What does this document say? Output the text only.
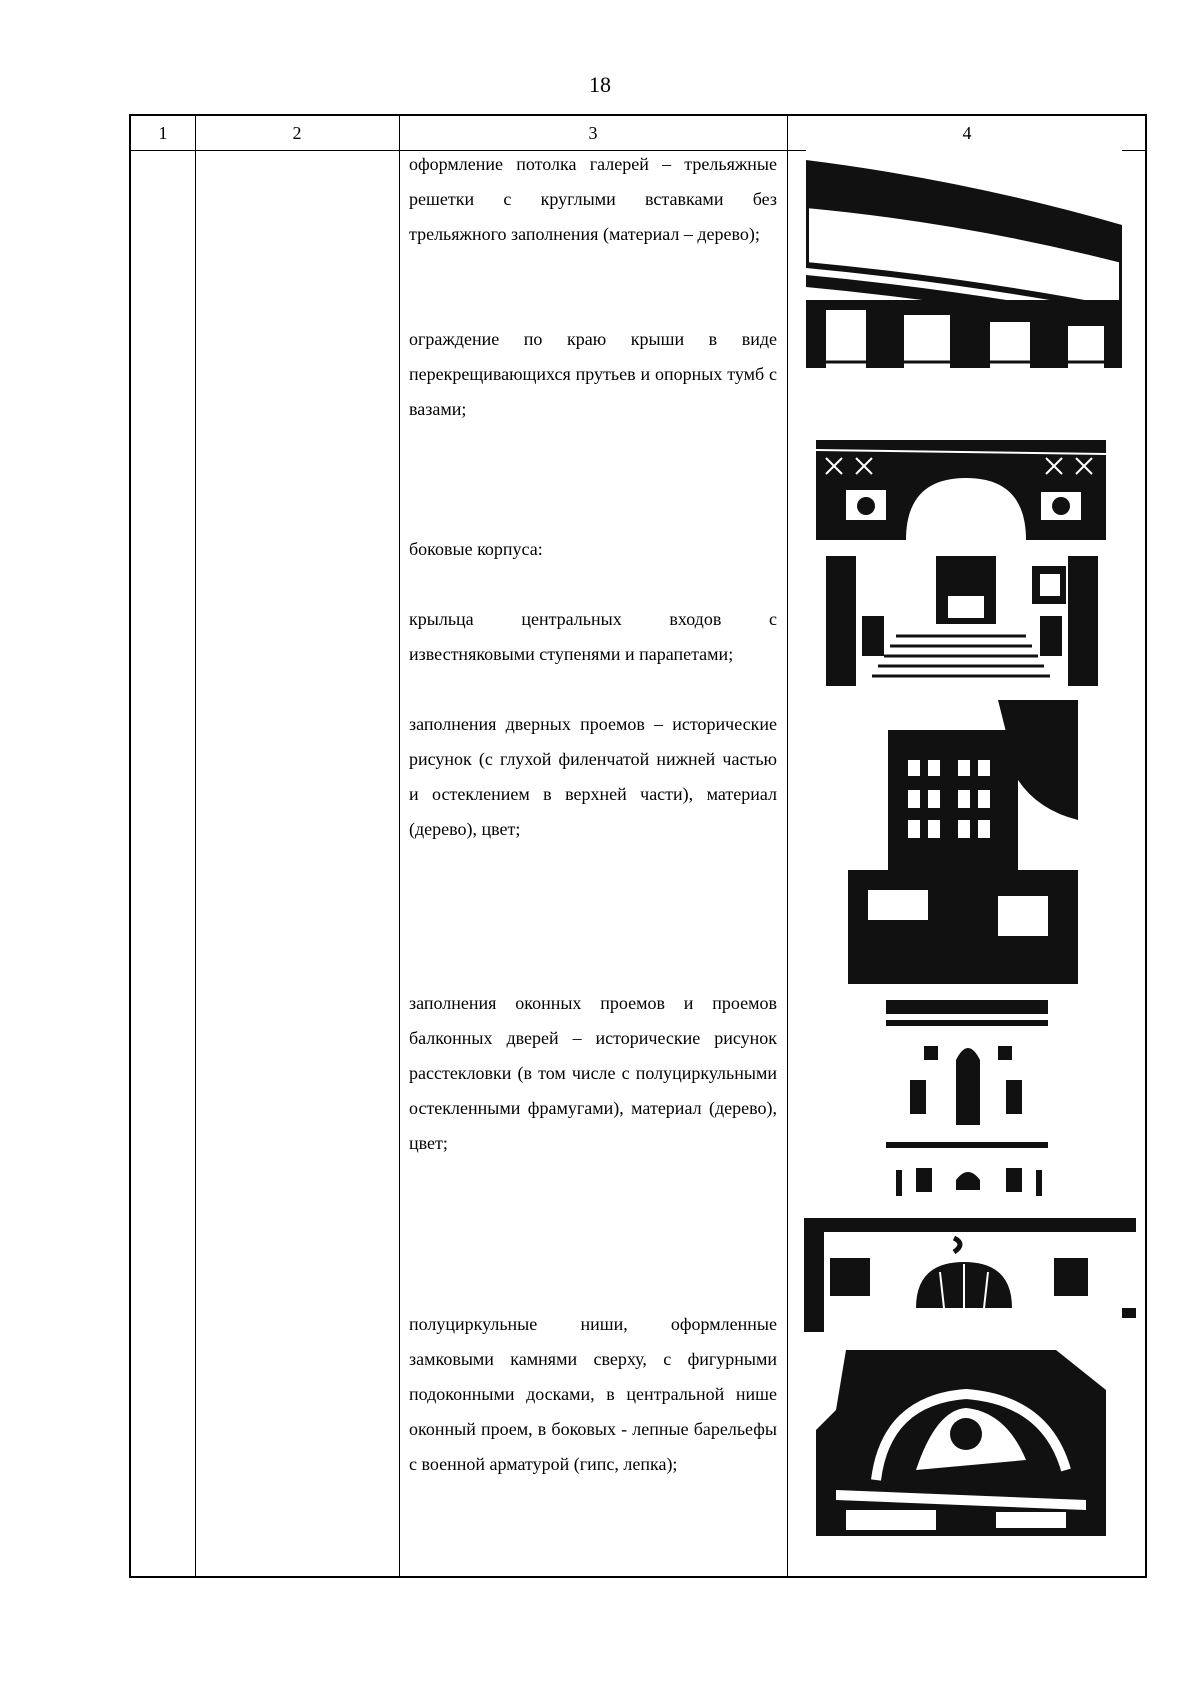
18
1	2	3	4
оформление потолка галерей – трельяжные решетки с круглыми вставками без трельяжного заполнения (материал – дерево);
ограждение по краю крыши в виде перекрещивающихся прутьев и опорных тумб с вазами;
боковые корпуса:
крыльца центральных входов с известняковыми ступенями и парапетами;
заполнения дверных проемов – исторические рисунок (с глухой филенчатой нижней частью и остеклением в верхней части), материал (дерево), цвет;
заполнения оконных проемов и проемов балконных дверей – исторические рисунок расстекловки (в том числе с полуциркульными остекленными фрамугами), материал (дерево), цвет;
полуциркульные ниши, оформленные замковыми камнями сверху, с фигурными подоконными досками, в центральной нише оконный проем, в боковых - лепные барельефы с военной арматурой (гипс, лепка);
